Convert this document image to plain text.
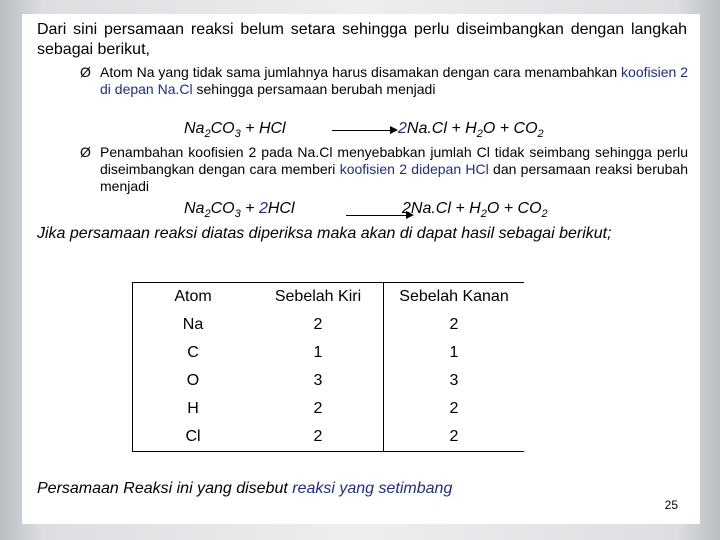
Dari sini persamaan reaksi belum setara sehingga perlu diseimbangkan dengan langkah sebagai berikut,
Ø Atom Na yang tidak sama jumlahnya harus disamakan dengan cara menambahkan koofisien 2 di depan Na.Cl sehingga persamaan berubah menjadi
$Na_2CO_3$ + HCl	→ $2Na.Cl + H_2O + CO_2$
Ø Penambahan koofisien 2 pada Na.Cl menyebabkan jumlah Cl tidak seimbang sehingga perlu diseimbangkan dengan cara memberi koofisien 2 didepan HCl dan persamaan reaksi berubah menjadi
$Na_2CO_3 + 2HCl$	$2Na.Cl + H_2O + CO_2$
Jika persamaan reaksi diatas diperiksa maka akan di dapat hasil sebagai berikut;
Atom	Sebelah Kiri	Sebelah Kanan
Na	2	2
C	1	1
O	3	3
H	2	2
Cl	2	2
Persamaan Reaksi ini yang disebut reaksi yang setimbang
25
